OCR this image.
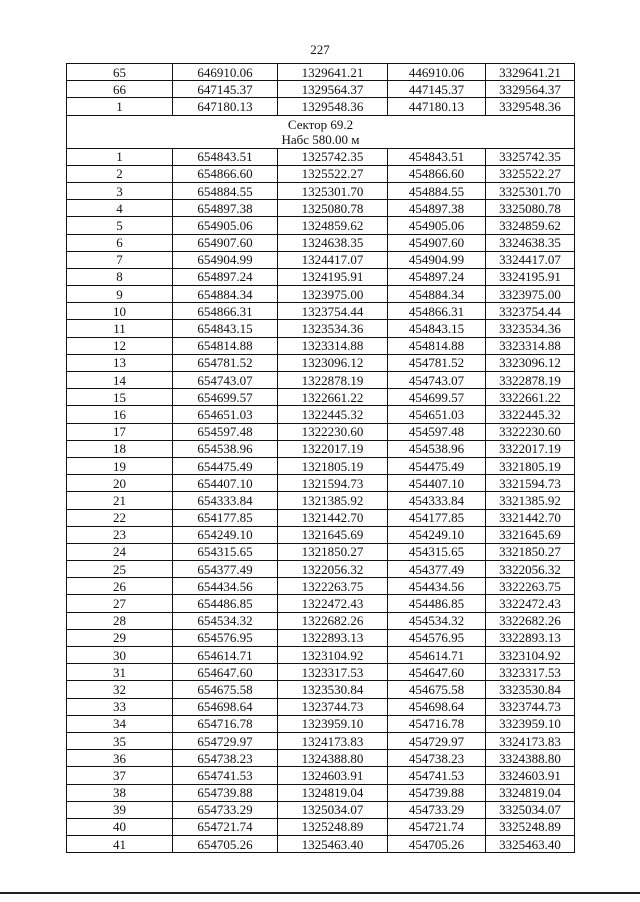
227
65	646910.06	1329641.21	446910.06	3329641.21
66	647145.37	1329564.37	447145.37	3329564.37
1	647180.13	1329548.36	447180.13	3329548.36

Сектор 69.2
Набс 580.00 м				

1	654843.51	1325742.35	454843.51	3325742.35
2	654866.60	1325522.27	454866.60	3325522.27
3	654884.55	1325301.70	454884.55	3325301.70
4	654897.38	1325080.78	454897.38	3325080.78
5	654905.06	1324859.62	454905.06	3324859.62
6	654907.60	1324638.35	454907.60	3324638.35
7	654904.99	1324417.07	454904.99	3324417.07
8	654897.24	1324195.91	454897.24	3324195.91
9	654884.34	1323975.00	454884.34	3323975.00
10	654866.31	1323754.44	454866.31	3323754.44
11	654843.15	1323534.36	454843.15	3323534.36
12	654814.88	1323314.88	454814.88	3323314.88
13	654781.52	1323096.12	454781.52	3323096.12
14	654743.07	1322878.19	454743.07	3322878.19
15	654699.57	1322661.22	454699.57	3322661.22
16	654651.03	1322445.32	454651.03	3322445.32
17	654597.48	1322230.60	454597.48	3322230.60
18	654538.96	1322017.19	454538.96	3322017.19
19	654475.49	1321805.19	454475.49	3321805.19
20	654407.10	1321594.73	454407.10	3321594.73
21	654333.84	1321385.92	454333.84	3321385.92
22	654177.85	1321442.70	454177.85	3321442.70
23	654249.10	1321645.69	454249.10	3321645.69
24	654315.65	1321850.27	454315.65	3321850.27
25	654377.49	1322056.32	454377.49	3322056.32
26	654434.56	1322263.75	454434.56	3322263.75
27	654486.85	1322472.43	454486.85	3322472.43
28	654534.32	1322682.26	454534.32	3322682.26
29	654576.95	1322893.13	454576.95	3322893.13
30	654614.71	1323104.92	454614.71	3323104.92
31	654647.60	1323317.53	454647.60	3323317.53
32	654675.58	1323530.84	454675.58	3323530.84
33	654698.64	1323744.73	454698.64	3323744.73
34	654716.78	1323959.10	454716.78	3323959.10
35	654729.97	1324173.83	454729.97	3324173.83
36	654738.23	1324388.80	454738.23	3324388.80
37	654741.53	1324603.91	454741.53	3324603.91
38	654739.88	1324819.04	454739.88	3324819.04
39	654733.29	1325034.07	454733.29	3325034.07
40	654721.74	1325248.89	454721.74	3325248.89
41	654705.26	1325463.40	454705.26	3325463.40
